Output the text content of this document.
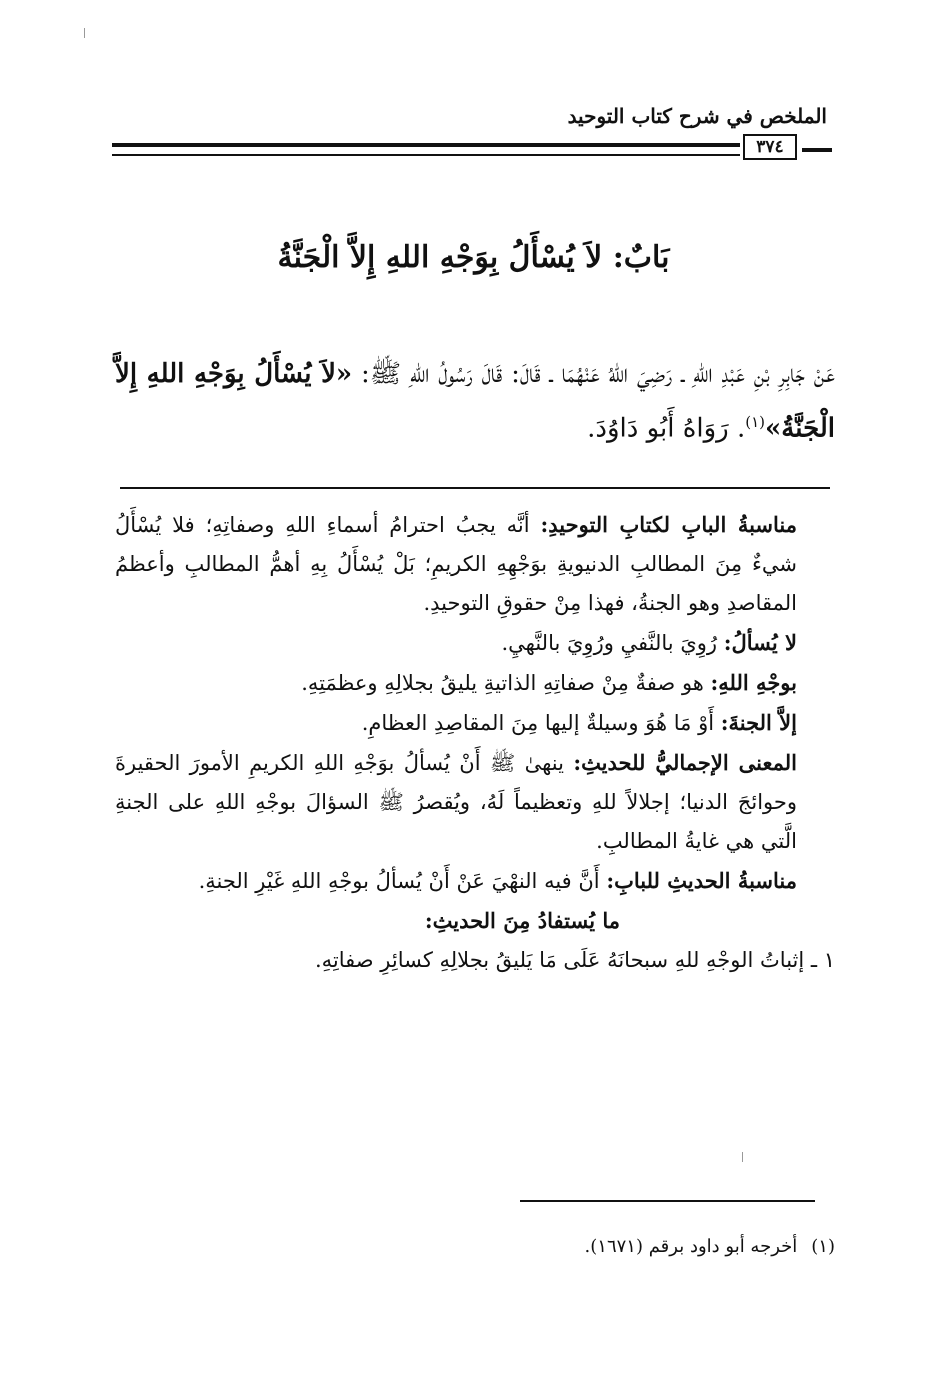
الملخص في شرح كتاب التوحيد
٣٧٤
بَابٌ: لاَ يُسْأَلُ بِوَجْهِ اللهِ إِلاَّ الْجَنَّةُ
عَنْ جَابِرِ بْنِ عَبْدِ اللهِ ـ رَضِيَ اللهُ عَنْهُمَا ـ قَالَ: قَالَ رَسُولُ اللهِ ﷺ: «لاَ يُسْأَلُ بِوَجْهِ اللهِ إِلاَّ الْجَنَّةُ»$^{(١)}$. رَوَاهُ أَبُو دَاوُدَ.

مناسبةُ البابِ لكتابِ التوحيدِ: أنَّه يجبُ احترامُ أسماءِ اللهِ وصفاتِهِ؛ فلا يُسْأَلُ شيءٌ مِنَ المطالبِ الدنيويةِ بوَجْهِهِ الكريمِ؛ بَلْ يُسْأَلُ بِهِ أهمُّ المطالبِ وأعظمُ المقاصدِ وهو الجنةُ، فهذا مِنْ حقوقِ التوحيدِ.

لا يُسألُ: رُوِيَ بالنَّفيِ ورُوِيَ بالنَّهيِ.

بوجْهِ اللهِ: هو صفةٌ مِنْ صفاتِهِ الذاتيةِ يليقُ بجلالِهِ وعظمَتِهِ.

إلاَّ الجنةَ: أَوْ مَا هُوَ وسيلةٌ إليها مِنَ المقاصِدِ العظامِ.

المعنى الإجماليُّ للحديثِ: ينهىٰ ﷺ أَنْ يُسألُ بوَجْهِ اللهِ الكريمِ الأمورَ الحقيرةَ وحوائجَ الدنيا؛ إجلالاً للهِ وتعظيماً لَهُ، ويُقصرُ ﷺ السؤالَ بوجْهِ اللهِ على الجنةِ الَّتي هي غايةُ المطالبِ.

مناسبةُ الحديثِ للبابِ: أَنَّ فيه النهْيَ عَنْ أَنْ يُسألُ بوجْهِ اللهِ غَيْرِ الجنةِ.

ما يُستفادُ مِنَ الحديثِ:

١ ـ إثباتُ الوجْهِ للهِ سبحانَهُ عَلَى مَا يَليقُ بجلالِهِ كسائِرِ صفاتِهِ.

(١)أخرجه أبو داود برقم (١٦٧١).
